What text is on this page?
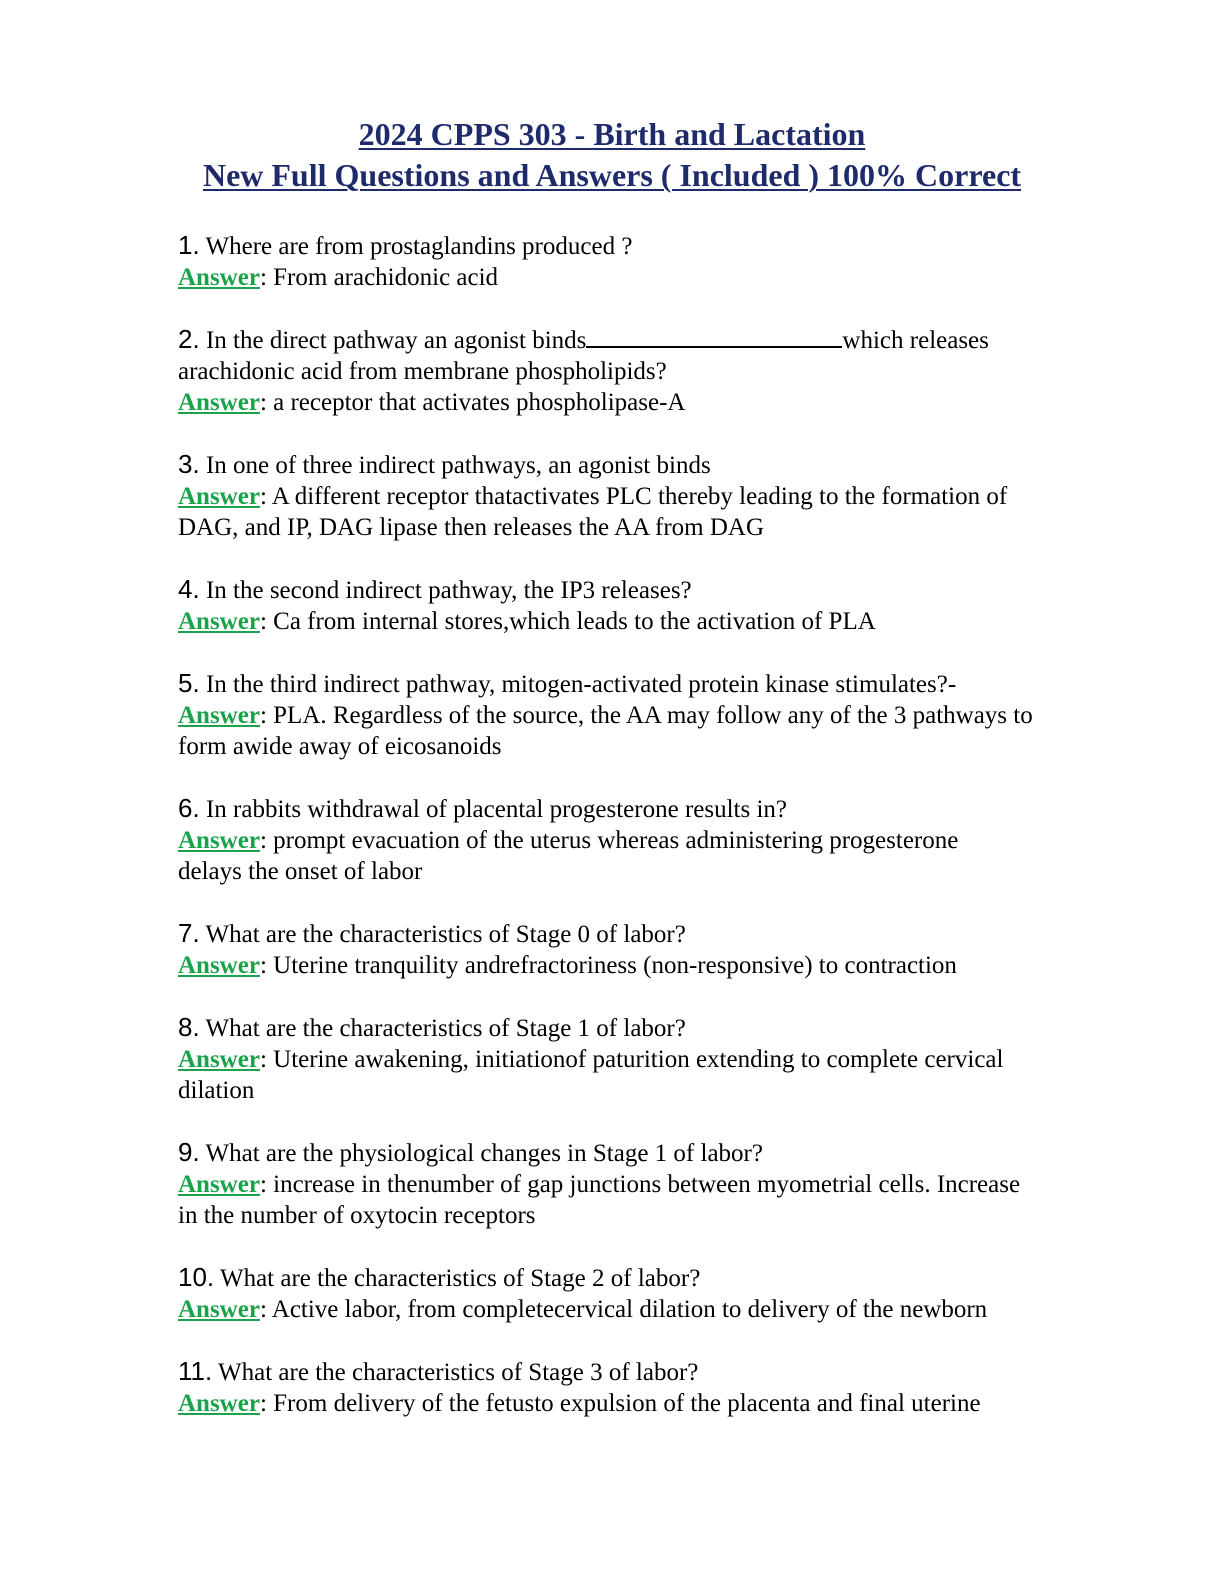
2024 CPPS 303 - Birth and Lactation
New Full Questions and Answers ( Included ) 100% Correct
1. Where are from prostaglandins produced ?
Answer: From arachidonic acid
2. In the direct pathway an agonist binds	which releases
arachidonic acid from membrane phospholipids?
Answer: a receptor that activates phospholipase-A
3. In one of three indirect pathways, an agonist binds
Answer: A different receptor thatactivates PLC thereby leading to the formation of
DAG, and IP, DAG lipase then releases the AA from DAG
4. In the second indirect pathway, the IP3 releases?
Answer: Ca from internal stores,which leads to the activation of PLA
5. In the third indirect pathway, mitogen-activated protein kinase stimulates?-
Answer: PLA. Regardless of the source, the AA may follow any of the 3 pathways to
form awide away of eicosanoids
6. In rabbits withdrawal of placental progesterone results in?
Answer: prompt evacuation of the uterus whereas administering progesterone
delays the onset of labor
7. What are the characteristics of Stage 0 of labor?
Answer: Uterine tranquility andrefractoriness (non-responsive) to contraction
8. What are the characteristics of Stage 1 of labor?
Answer: Uterine awakening, initiationof paturition extending to complete cervical
dilation
9. What are the physiological changes in Stage 1 of labor?
Answer: increase in thenumber of gap junctions between myometrial cells. Increase
in the number of oxytocin receptors
10. What are the characteristics of Stage 2 of labor?
Answer: Active labor, from completecervical dilation to delivery of the newborn
11. What are the characteristics of Stage 3 of labor?
Answer: From delivery of the fetusto expulsion of the placenta and final uterine
